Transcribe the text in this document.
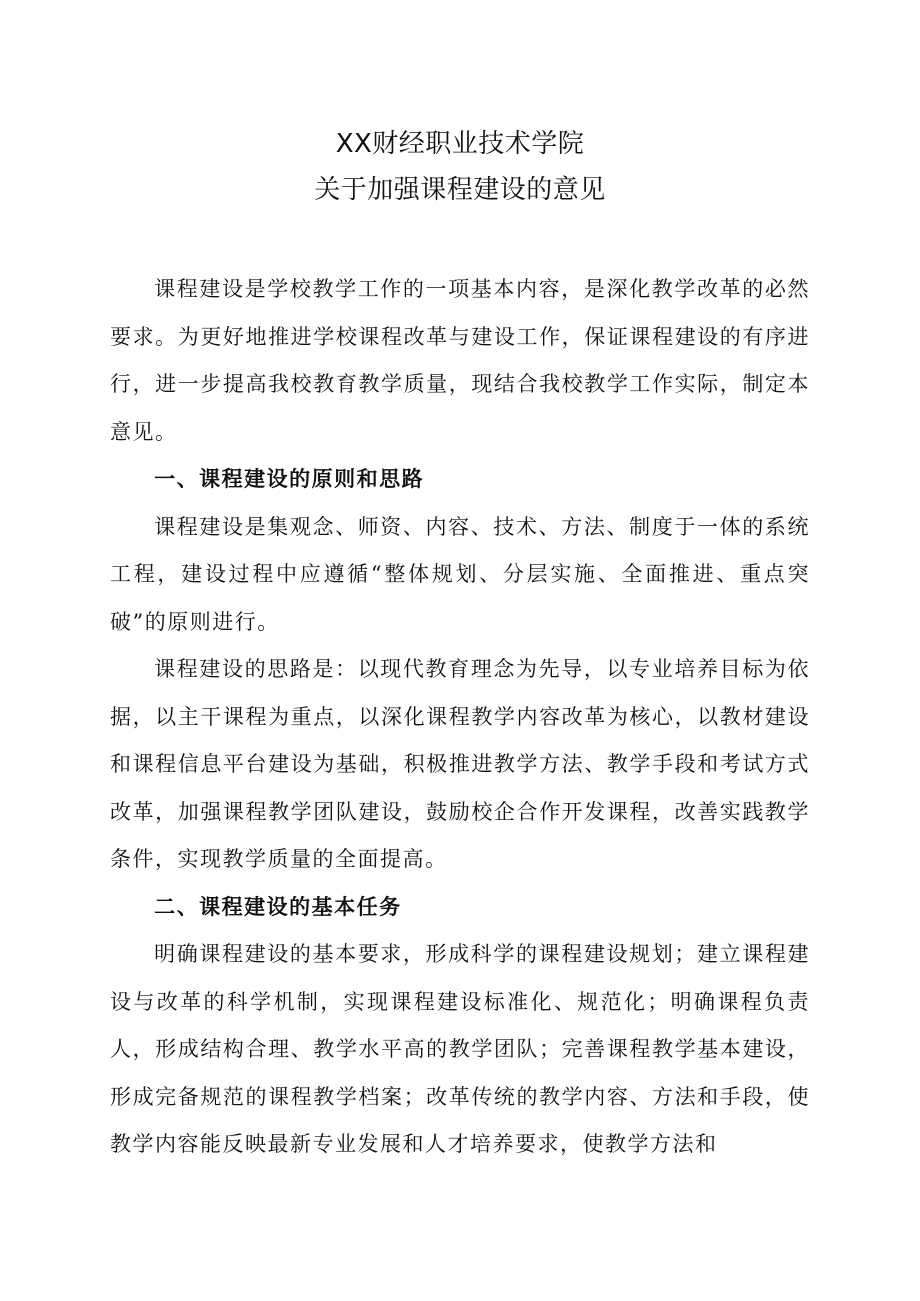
XX财经职业技术学院
关于加强课程建设的意见

课程建设是学校教学工作的一项基本内容，是深化教学改革的必然要求。为更好地推进学校课程改革与建设工作，保证课程建设的有序进行，进一步提高我校教育教学质量，现结合我校教学工作实际，制定本意见。

一、课程建设的原则和思路

课程建设是集观念、师资、内容、技术、方法、制度于一体的系统工程，建设过程中应遵循“整体规划、分层实施、全面推进、重点突破”的原则进行。

课程建设的思路是：以现代教育理念为先导，以专业培养目标为依据，以主干课程为重点，以深化课程教学内容改革为核心，以教材建设和课程信息平台建设为基础，积极推进教学方法、教学手段和考试方式改革，加强课程教学团队建设，鼓励校企合作开发课程，改善实践教学条件，实现教学质量的全面提高。

二、课程建设的基本任务

明确课程建设的基本要求，形成科学的课程建设规划；建立课程建设与改革的科学机制，实现课程建设标准化、规范化；明确课程负责人，形成结构合理、教学水平高的教学团队；完善课程教学基本建设，形成完备规范的课程教学档案；改革传统的教学内容、方法和手段，使教学内容能反映最新专业发展和人才培养要求，使教学方法和
